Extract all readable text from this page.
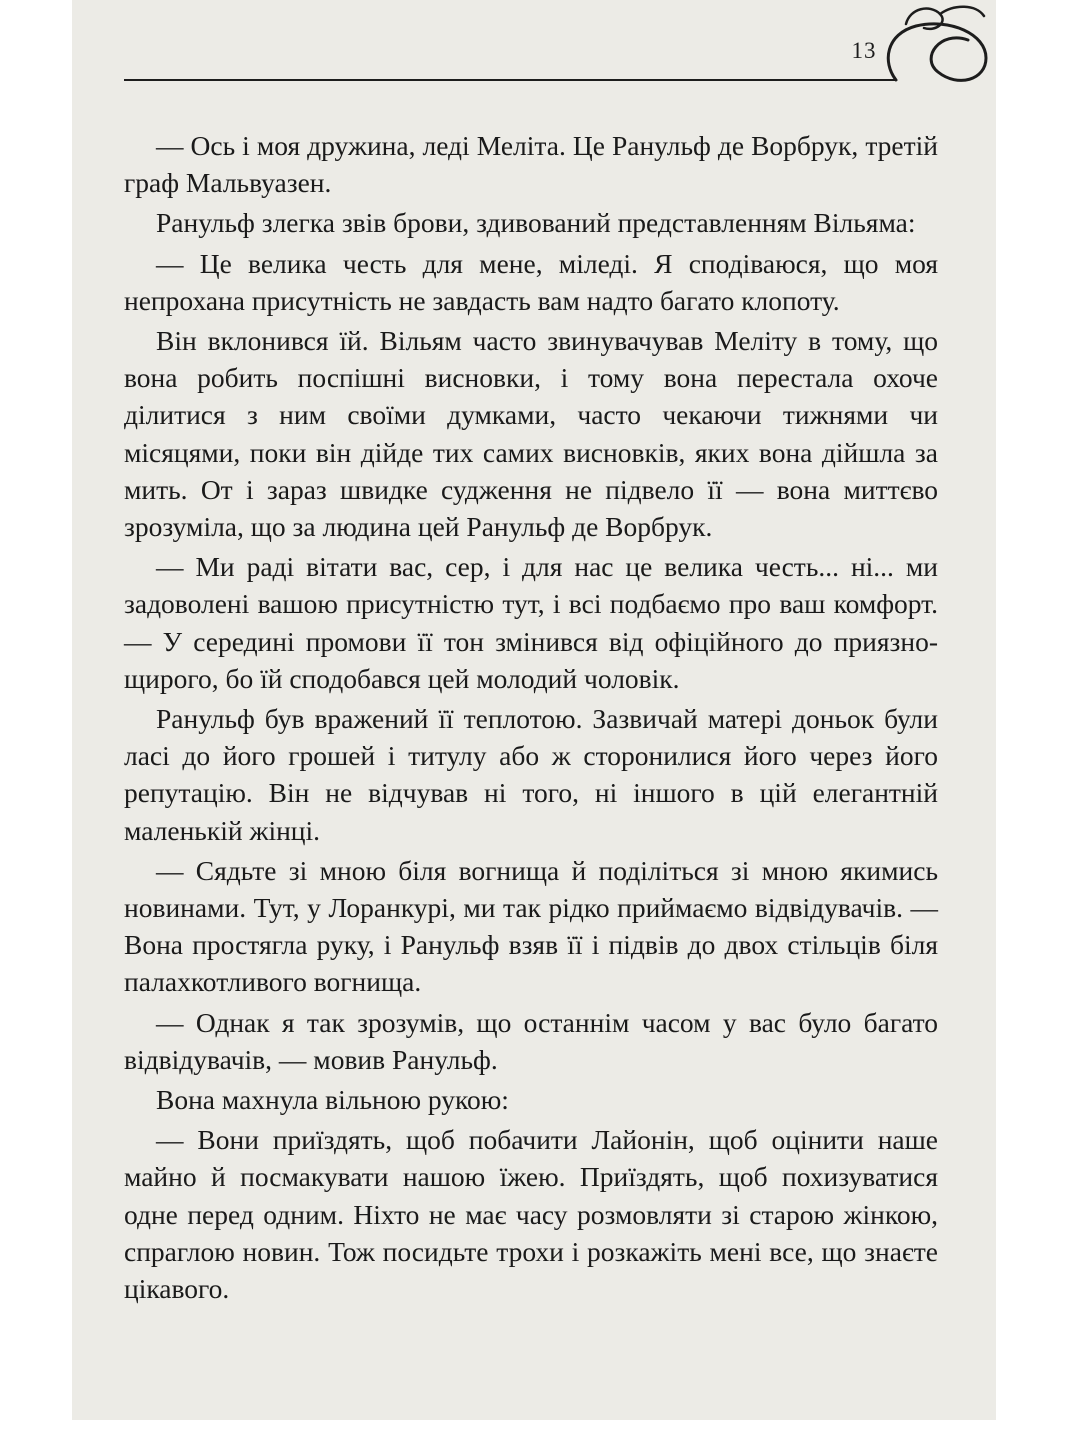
13

— Ось і моя дружина, леді Меліта. Це Ранульф де Ворбрук, третій граф Мальвуазен.

Ранульф злегка звів брови, здивований представленням Вільяма:

— Це велика честь для мене, міледі. Я сподіваюся, що моя непрохана присутність не завдасть вам надто багато клопоту.

Він вклонився їй. Вільям часто звинувачував Меліту в тому, що вона робить поспішні висновки, і тому вона перестала охоче ділитися з ним своїми думками, часто чекаючи тижнями чи місяцями, поки він дійде тих самих висновків, яких вона дійшла за мить. От і зараз швидке судження не підвело її — вона миттєво зрозуміла, що за людина цей Ранульф де Ворбрук.

— Ми раді вітати вас, сер, і для нас це велика честь... ні... ми задоволені вашою присутністю тут, і всі подбаємо про ваш комфорт. — У середині промови її тон змінився від офіційного до приязно-щирого, бо їй сподобався цей молодий чоловік.

Ранульф був вражений її теплотою. Зазвичай матері доньок були ласі до його грошей і титулу або ж сторонилися його через його репутацію. Він не відчував ні того, ні іншого в цій елегантній маленькій жінці.

— Сядьте зі мною біля вогнища й поділіться зі мною якимись новинами. Тут, у Лоранкурі, ми так рідко приймаємо відвідувачів. — Вона простягла руку, і Ранульф взяв її і підвів до двох стільців біля палахкотливого вогнища.

— Однак я так зрозумів, що останнім часом у вас було багато відвідувачів, — мовив Ранульф.

Вона махнула вільною рукою:

— Вони приїздять, щоб побачити Лайонін, щоб оцінити наше майно й посмакувати нашою їжею. Приїздять, щоб похизуватися одне перед одним. Ніхто не має часу розмовляти зі старою жінкою, спраглою новин. Тож посидьте трохи і розкажіть мені все, що знаєте цікавого.
